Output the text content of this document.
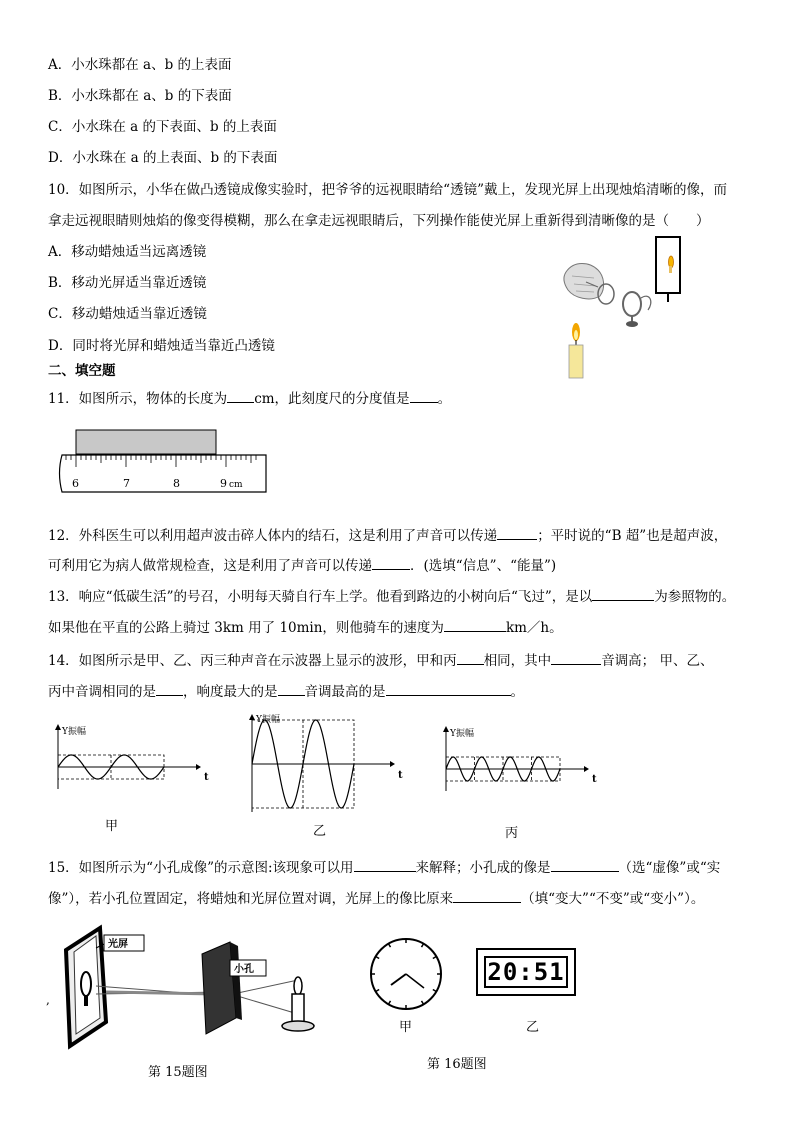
A．小水珠都在 a、b 的上表面
B．小水珠都在 a、b 的下表面
C．小水珠在 a 的下表面、b 的上表面
D．小水珠在 a 的上表面、b 的下表面
10．如图所示，小华在做凸透镜成像实验时，把爷爷的远视眼睛给“透镜”戴上，发现光屏上出现烛焰清晰的像，而
拿走远视眼睛则烛焰的像变得模糊，那么在拿走远视眼睛后，下列操作能使光屏上重新得到清晰像的是（　　）
A．移动蜡烛适当远离透镜
B．移动光屏适当靠近透镜
C．移动蜡烛适当靠近透镜
D．同时将光屏和蜡烛适当靠近凸透镜
二、填空题
11．如图所示，物体的长度为 cm，此刻度尺的分度值是 。
6	7	8	9 cm
12．外科医生可以利用超声波击碎人体内的结石，这是利用了声音可以传递	；平时说的“B 超”也是超声波，
可利用它为病人做常规检查，这是利用了声音可以传递	．(选填“信息”、“能量”)
13．响应“低碳生活”的号召，小明每天骑自行车上学。他看到路边的小树向后“飞过”，是以	为参照物的。
如果他在平直的公路上骑过 3km 用了 10min，则他骑车的速度为	km／h。
14．如图所示是甲、乙、丙三种声音在示波器上显示的波形，甲和丙 相同，其中	音调高； 甲、乙、
丙中音调相同的是 ，响度最大的是 音调最高的是	。
Y振幅
t
Y振幅
t
Y振幅
t
甲	乙	丙
15．如图所示为“小孔成像”的示意图:该现象可以用	来解释；小孔成的像是	（选“虚像”或“实
像”），若小孔位置固定，将蜡烛和光屏位置对调，光屏上的像比原来	（填“变大”“不变”或“变小”）。
,
光屏
小孔
第 15题图
甲
20:51
乙
第 16题图
